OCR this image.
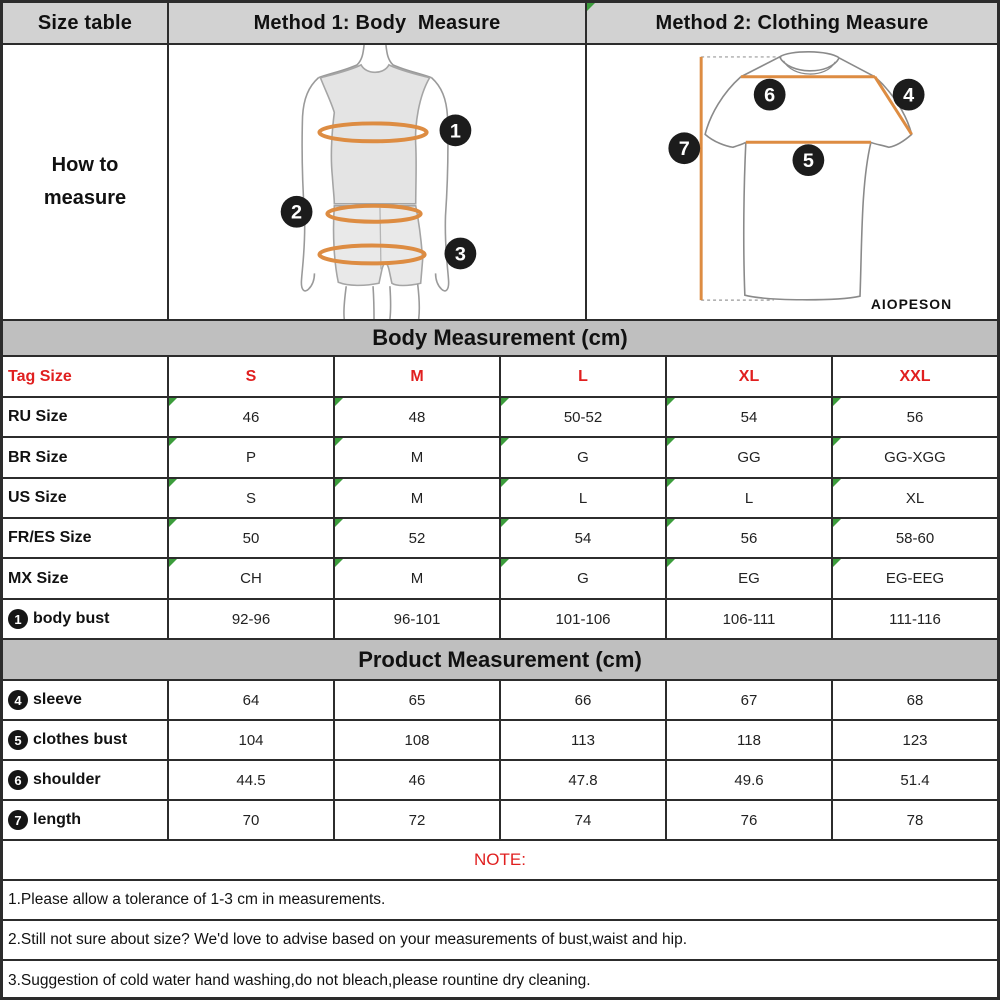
Size table	Method 1: Body  Measure	Method 2: Clothing Measure
How to
measure
1
2
3
6	4
7
5
AIOPESON
Body Measurement (cm)
Tag Size	S	M	L	XL	XXL
RU Size	46	48	50-52	54	56
BR Size	P	M	G	GG	GG-XGG
US Size	S	M	L	L	XL
FR/ES Size	50	52	54	56	58-60
MX Size	CH	M	G	EG	EG-EEG
1 body bust	92-96	96-101	101-106	106-111	111-116
Product Measurement (cm)
4 sleeve	64	65	66	67	68
5 clothes bust	104	108	113	118	123
6 shoulder	44.5	46	47.8	49.6	51.4
7 length	70	72	74	76	78
NOTE:
1.Please allow a tolerance of 1-3 cm in measurements.
2.Still not sure about size? We'd love to advise based on your measurements of bust,waist and hip.
3.Suggestion of cold water hand washing,do not bleach,please rountine dry cleaning.
